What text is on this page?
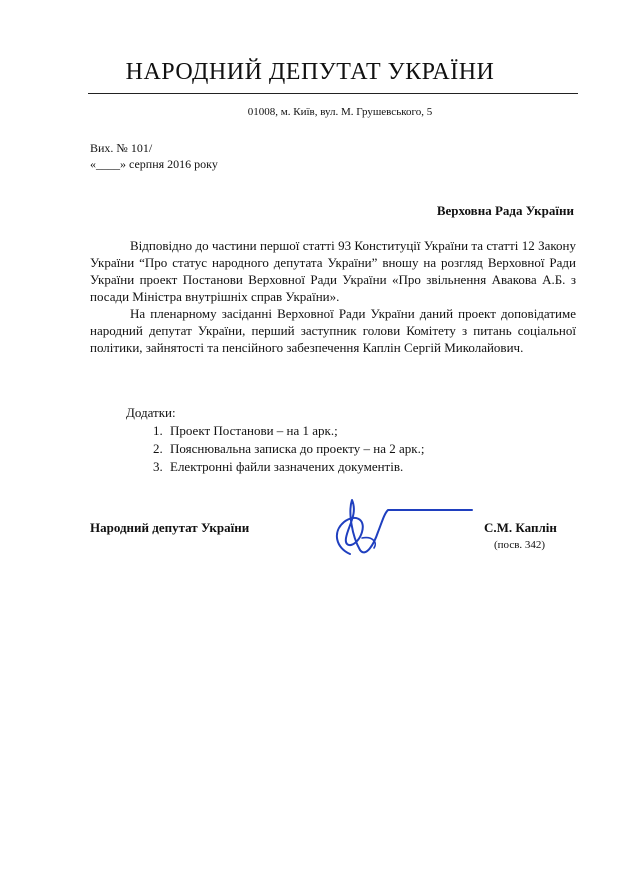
НАРОДНИЙ ДЕПУТАТ УКРАЇНИ
01008, м. Київ, вул. М. Грушевського, 5
Вих. № 101/
«____» серпня 2016 року
Верховна Рада України

Відповідно до частини першої статті 93 Конституції України та статті 12 Закону України “Про статус народного депутата України” вношу на розгляд Верховної Ради України проект Постанови Верховної Ради України «Про звільнення Авакова А.Б. з посади Міністра внутрішніх справ України».

На пленарному засіданні Верховної Ради України даний проект доповідатиме народний депутат України, перший заступник голови Комітету з питань соціальної політики, зайнятості та пенсійного забезпечення Каплін Сергій Миколайович.

Додатки:
1. Проект Постанови – на 1 арк.;
2. Пояснювальна записка до проекту – на 2 арк.;
3. Електронні файли зазначених документів.
Народний депутат України	С.М. Каплін
(посв. 342)
